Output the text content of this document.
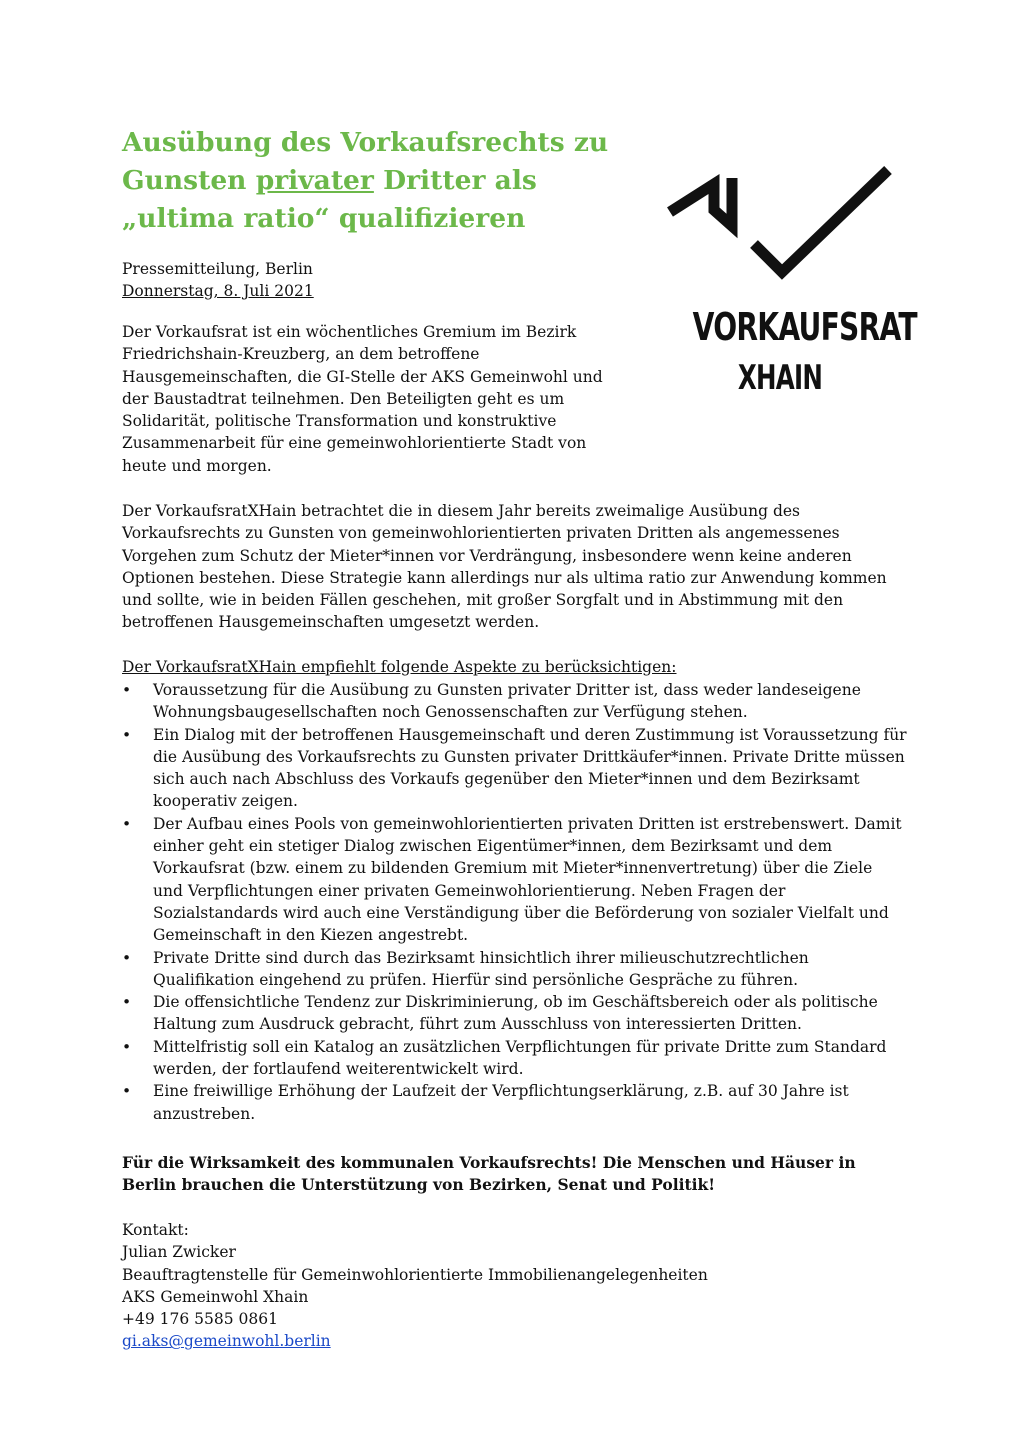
Ausübung des Vorkaufsrechts zu
Gunsten privater Dritter als
„ultima ratio“ qualifizieren
VORKAUFSRAT
XHAIN

Pressemitteilung, Berlin
Donnerstag, 8. Juli 2021

Der Vorkaufsrat ist ein wöchentliches Gremium im Bezirk Friedrichshain-Kreuzberg, an dem betroffene Hausgemeinschaften, die GI-Stelle der AKS Gemeinwohl und der Baustadtrat teilnehmen. Den Beteiligten geht es um Solidarität, politische Transformation und konstruktive Zusammenarbeit für eine gemeinwohlorientierte Stadt von heute und morgen.

Der VorkaufsratXHain betrachtet die in diesem Jahr bereits zweimalige Ausübung des Vorkaufsrechts zu Gunsten von gemeinwohlorientierten privaten Dritten als angemessenes Vorgehen zum Schutz der Mieter*innen vor Verdrängung, insbesondere wenn keine anderen Optionen bestehen. Diese Strategie kann allerdings nur als ultima ratio zur Anwendung kommen und sollte, wie in beiden Fällen geschehen, mit großer Sorgfalt und in Abstimmung mit den betroffenen Hausgemeinschaften umgesetzt werden.

Der VorkaufsratXHain empfiehlt folgende Aspekte zu berücksichtigen:

• Voraussetzung für die Ausübung zu Gunsten privater Dritter ist, dass weder landeseigene Wohnungsbaugesellschaften noch Genossenschaften zur Verfügung stehen.
• Ein Dialog mit der betroffenen Hausgemeinschaft und deren Zustimmung ist Voraussetzung für die Ausübung des Vorkaufsrechts zu Gunsten privater Drittkäufer*innen. Private Dritte müssen sich auch nach Abschluss des Vorkaufs gegenüber den Mieter*innen und dem Bezirksamt kooperativ zeigen.
• Der Aufbau eines Pools von gemeinwohlorientierten privaten Dritten ist erstrebenswert. Damit einher geht ein stetiger Dialog zwischen Eigentümer*innen, dem Bezirksamt und dem Vorkaufsrat (bzw. einem zu bildenden Gremium mit Mieter*innenvertretung) über die Ziele und Verpflichtungen einer privaten Gemeinwohlorientierung. Neben Fragen der Sozialstandards wird auch eine Verständigung über die Beförderung von sozialer Vielfalt und Gemeinschaft in den Kiezen angestrebt.
• Private Dritte sind durch das Bezirksamt hinsichtlich ihrer milieuschutzrechtlichen Qualifikation eingehend zu prüfen. Hierfür sind persönliche Gespräche zu führen.
• Die offensichtliche Tendenz zur Diskriminierung, ob im Geschäftsbereich oder als politische Haltung zum Ausdruck gebracht, führt zum Ausschluss von interessierten Dritten.
• Mittelfristig soll ein Katalog an zusätzlichen Verpflichtungen für private Dritte zum Standard werden, der fortlaufend weiterentwickelt wird.
• Eine freiwillige Erhöhung der Laufzeit der Verpflichtungserklärung, z.B. auf 30 Jahre ist anzustreben.

Für die Wirksamkeit des kommunalen Vorkaufsrechts! Die Menschen und Häuser in Berlin brauchen die Unterstützung von Bezirken, Senat und Politik!

Kontakt:
Julian Zwicker
Beauftragtenstelle für Gemeinwohlorientierte Immobilienangelegenheiten
AKS Gemeinwohl Xhain
+49 176 5585 0861
gi.aks@gemeinwohl.berlin
